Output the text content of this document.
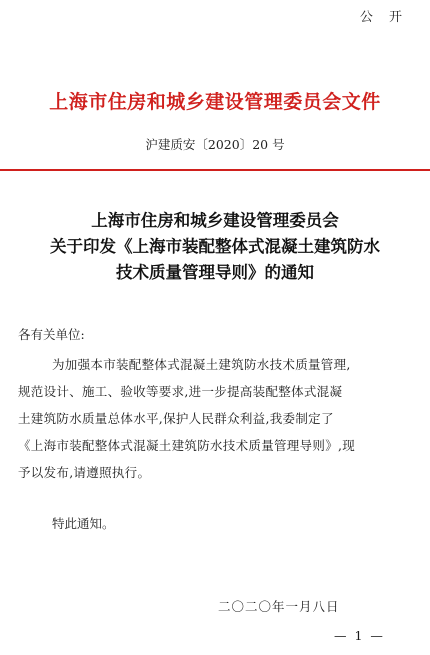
公 开
上海市住房和城乡建设管理委员会文件
沪建质安〔2020〕20 号
上海市住房和城乡建设管理委员会
关于印发《上海市装配整体式混凝土建筑防水
技术质量管理导则》的通知
各有关单位:
为加强本市装配整体式混凝土建筑防水技术质量管理,
规范设计、施工、验收等要求,进一步提高装配整体式混凝
土建筑防水质量总体水平,保护人民群众利益,我委制定了
《上海市装配整体式混凝土建筑防水技术质量管理导则》,现
予以发布,请遵照执行。
特此通知。
二〇二〇年一月八日
— 1 —
